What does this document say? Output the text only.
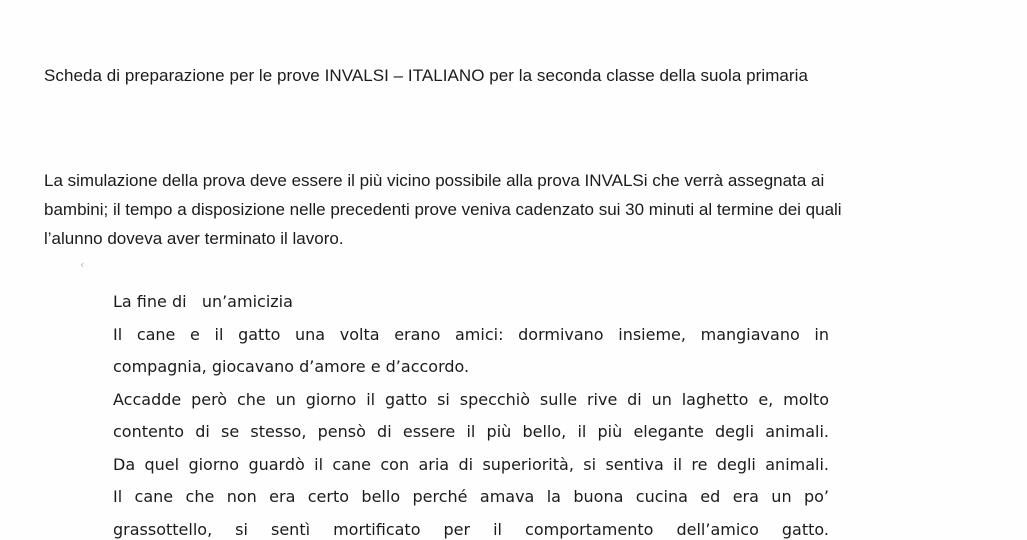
‹
Scheda di preparazione per le prove INVALSI – ITALIANO per la seconda classe della suola primaria
La simulazione della prova deve essere il più vicino possibile alla prova INVALSi che verrà assegnata ai
bambini; il tempo a disposizione nelle precedenti prove veniva cadenzato sui 30 minuti al termine dei quali
l’alunno doveva aver terminato il lavoro.
La fine di   un’amicizia
Il cane e il gatto una volta erano amici: dormivano insieme, mangiavano in
compagnia, giocavano d’amore e d’accordo.
Accadde però che un giorno il gatto si specchiò sulle rive di un laghetto e, molto
contento di se stesso, pensò di essere il più bello, il più elegante degli animali.
Da quel giorno guardò il cane con aria di superiorità, si sentiva il re degli animali.
Il cane che non era certo bello perché amava la buona cucina ed era un po’
grassottello, si sentì mortificato per il comportamento dell’amico gatto.
